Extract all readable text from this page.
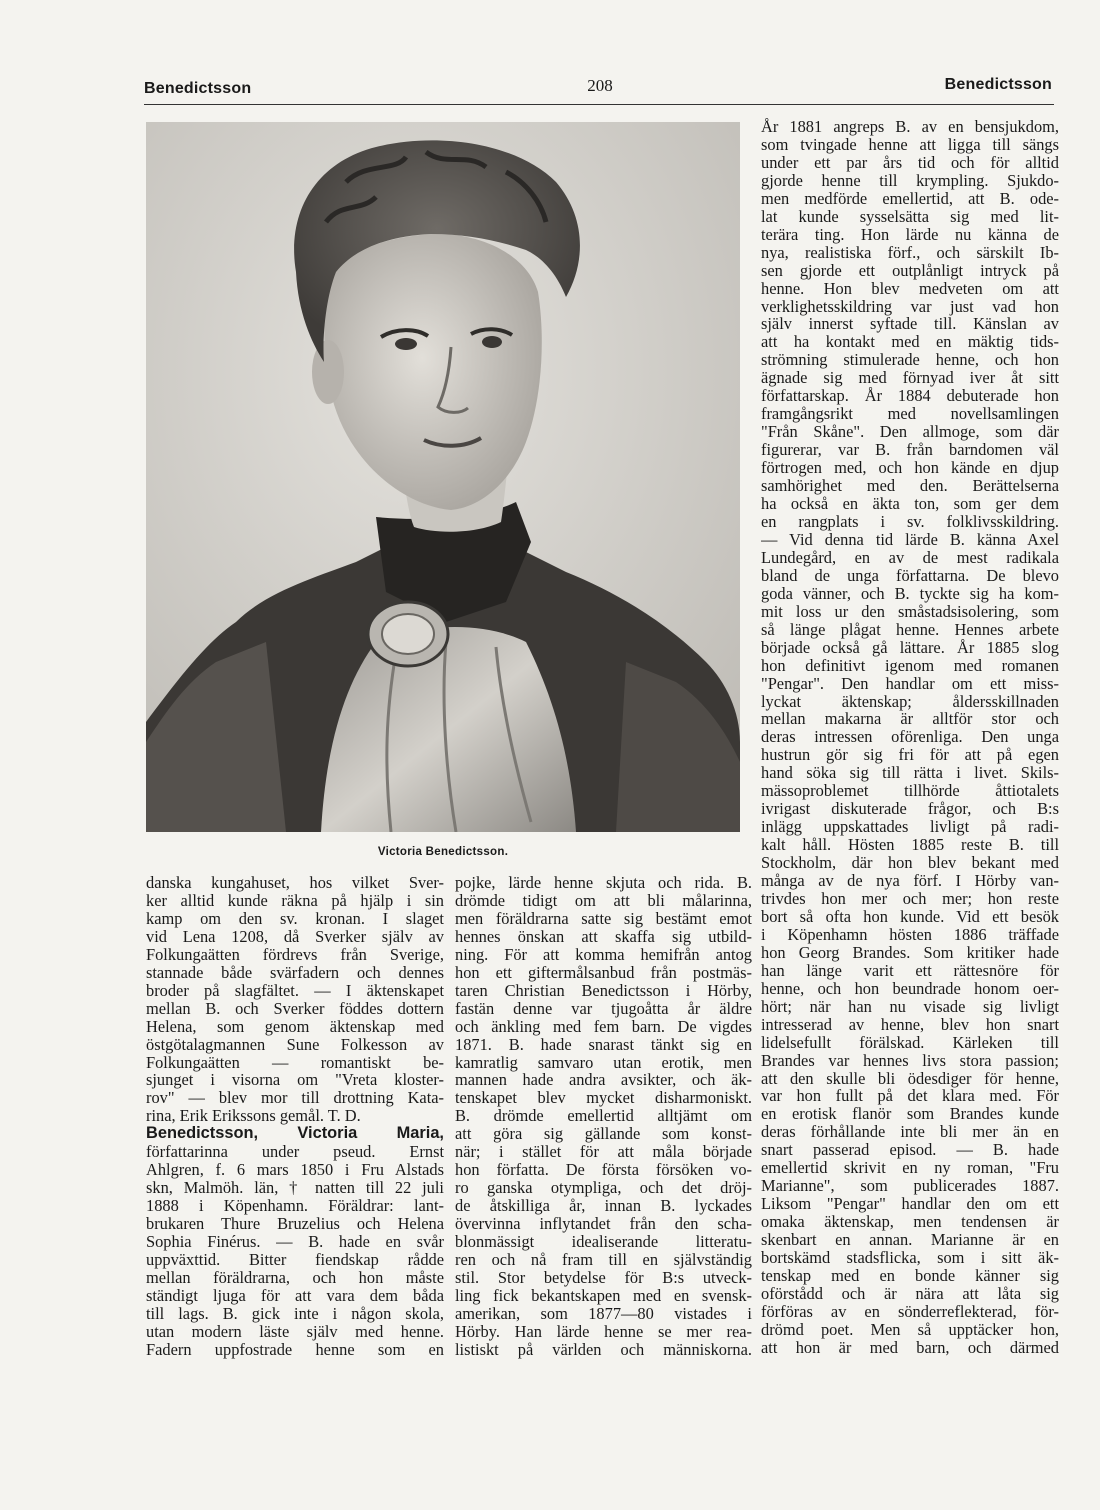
Benedictsson	208	Benedictsson
Victoria Benedictsson.
danska kungahuset, hos vilket Sver-
ker alltid kunde räkna på hjälp i sin
kamp om den sv. kronan. I slaget
vid Lena 1208, då Sverker själv av
Folkungaätten fördrevs från Sverige,
stannade både svärfadern och dennes
broder på slagfältet. — I äktenskapet
mellan B. och Sverker föddes dottern
Helena, som genom äktenskap med
östgötalagmannen Sune Folkesson av
Folkungaätten — romantiskt be-
sjunget i visorna om "Vreta kloster-
rov" — blev mor till drottning Kata-
rina, Erik Erikssons gemål. T. D.
Benedictsson, Victoria Maria,
författarinna under pseud. Ernst
Ahlgren, f. 6 mars 1850 i Fru Alstads
skn, Malmöh. län, † natten till 22 juli
1888 i Köpenhamn. Föräldrar: lant-
brukaren Thure Bruzelius och Helena
Sophia Finérus. — B. hade en svår
uppväxttid. Bitter fiendskap rådde
mellan föräldrarna, och hon måste
ständigt ljuga för att vara dem båda
till lags. B. gick inte i någon skola,
utan modern läste själv med henne.
Fadern uppfostrade henne som en
pojke, lärde henne skjuta och rida. B.
drömde tidigt om att bli målarinna,
men föräldrarna satte sig bestämt emot
hennes önskan att skaffa sig utbild-
ning. För att komma hemifrån antog
hon ett giftermålsanbud från postmäs-
taren Christian Benedictsson i Hörby,
fastän denne var tjugoåtta år äldre
och änkling med fem barn. De vigdes
1871. B. hade snarast tänkt sig en
kamratlig samvaro utan erotik, men
mannen hade andra avsikter, och äk-
tenskapet blev mycket disharmoniskt.
B. drömde emellertid alltjämt om
att göra sig gällande som konst-
när; i stället för att måla började
hon författa. De första försöken vo-
ro ganska otympliga, och det dröj-
de åtskilliga år, innan B. lyckades
övervinna inflytandet från den scha-
blonmässigt idealiserande litteratu-
ren och nå fram till en självständig
stil. Stor betydelse för B:s utveck-
ling fick bekantskapen med en svensk-
amerikan, som 1877—80 vistades i
Hörby. Han lärde henne se mer rea-
listiskt på världen och människorna.
År 1881 angreps B. av en bensjukdom,
som tvingade henne att ligga till sängs
under ett par års tid och för alltid
gjorde henne till krympling. Sjukdo-
men medförde emellertid, att B. ode-
lat kunde sysselsätta sig med lit-
terära ting. Hon lärde nu känna de
nya, realistiska förf., och särskilt Ib-
sen gjorde ett outplånligt intryck på
henne. Hon blev medveten om att
verklighetsskildring var just vad hon
själv innerst syftade till. Känslan av
att ha kontakt med en mäktig tids-
strömning stimulerade henne, och hon
ägnade sig med förnyad iver åt sitt
författarskap. År 1884 debuterade hon
framgångsrikt med novellsamlingen
"Från Skåne". Den allmoge, som där
figurerar, var B. från barndomen väl
förtrogen med, och hon kände en djup
samhörighet med den. Berättelserna
ha också en äkta ton, som ger dem
en rangplats i sv. folklivsskildring.
— Vid denna tid lärde B. känna Axel
Lundegård, en av de mest radikala
bland de unga författarna. De blevo
goda vänner, och B. tyckte sig ha kom-
mit loss ur den småstadsisolering, som
så länge plågat henne. Hennes arbete
började också gå lättare. År 1885 slog
hon definitivt igenom med romanen
"Pengar". Den handlar om ett miss-
lyckat äktenskap; åldersskillnaden
mellan makarna är alltför stor och
deras intressen oförenliga. Den unga
hustrun gör sig fri för att på egen
hand söka sig till rätta i livet. Skils-
mässoproblemet tillhörde åttiotalets
ivrigast diskuterade frågor, och B:s
inlägg uppskattades livligt på radi-
kalt håll. Hösten 1885 reste B. till
Stockholm, där hon blev bekant med
många av de nya förf. I Hörby van-
trivdes hon mer och mer; hon reste
bort så ofta hon kunde. Vid ett besök
i Köpenhamn hösten 1886 träffade
hon Georg Brandes. Som kritiker hade
han länge varit ett rättesnöre för
henne, och hon beundrade honom oer-
hört; när han nu visade sig livligt
intresserad av henne, blev hon snart
lidelsefullt förälskad. Kärleken till
Brandes var hennes livs stora passion;
att den skulle bli ödesdiger för henne,
var hon fullt på det klara med. För
en erotisk flanör som Brandes kunde
deras förhållande inte bli mer än en
snart passerad episod. — B. hade
emellertid skrivit en ny roman, "Fru
Marianne", som publicerades 1887.
Liksom "Pengar" handlar den om ett
omaka äktenskap, men tendensen är
skenbart en annan. Marianne är en
bortskämd stadsflicka, som i sitt äk-
tenskap med en bonde känner sig
oförstådd och är nära att låta sig
förföras av en sönderreflekterad, för-
drömd poet. Men så upptäcker hon,
att hon är med barn, och därmed
